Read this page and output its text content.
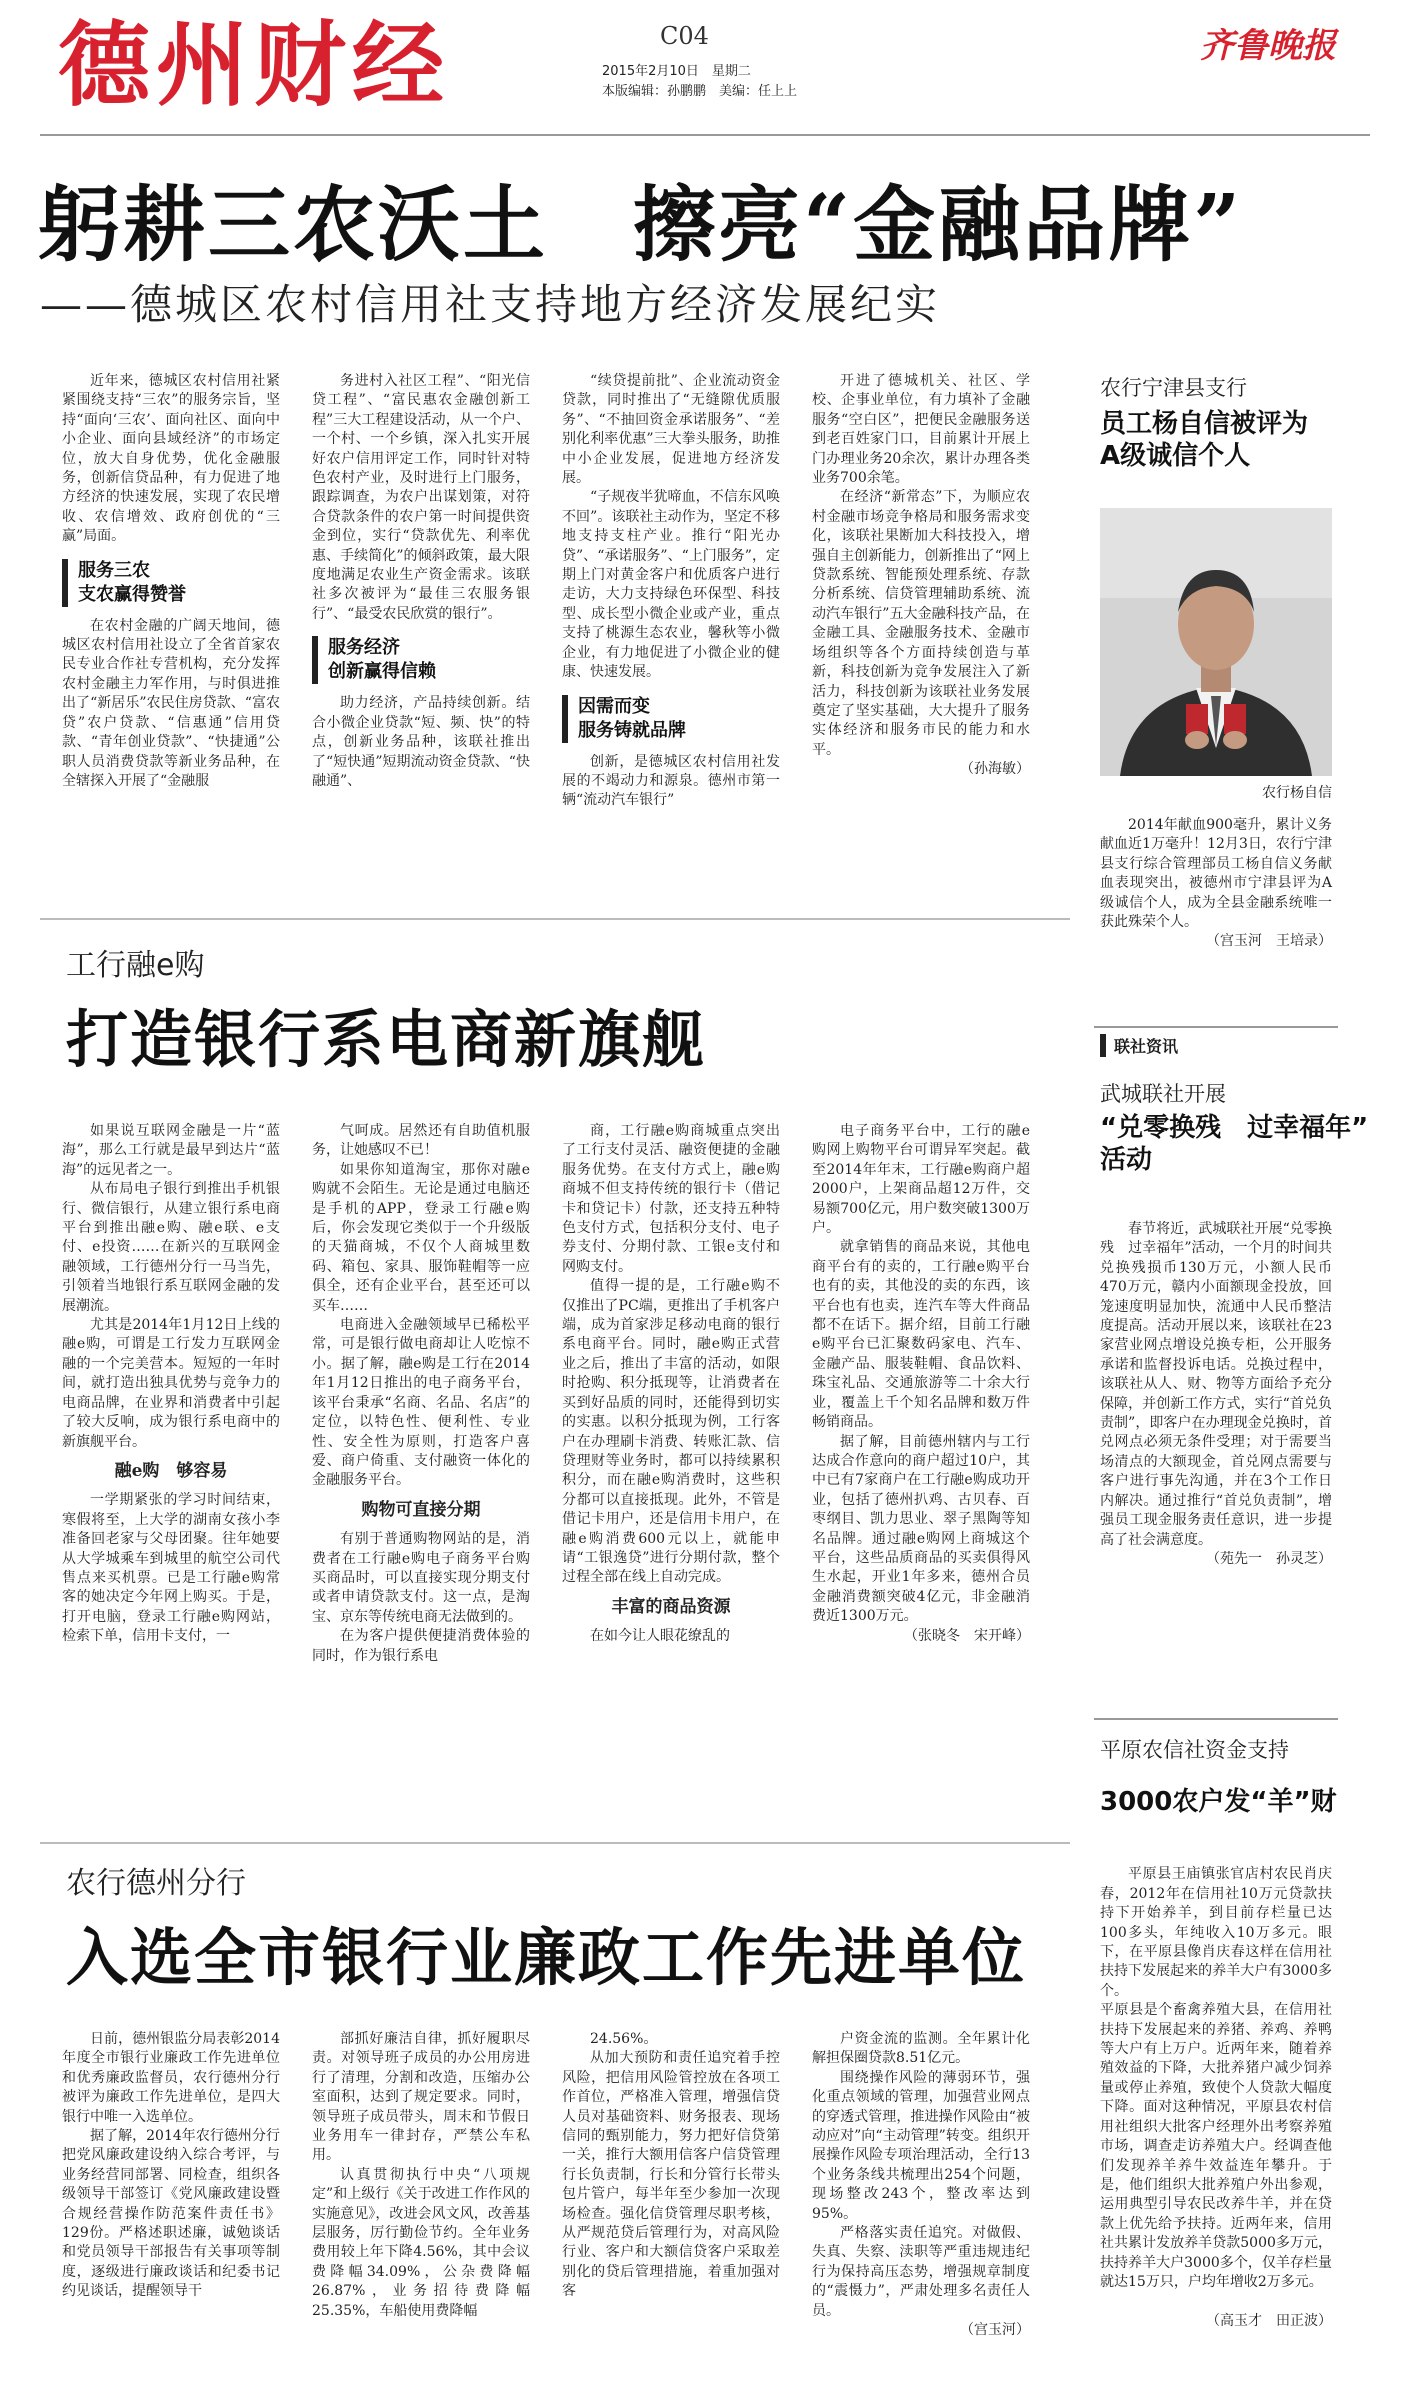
德州财经	C04
2015年2月10日　星期二
本版编辑：孙鹏鹏　美编：任上上
齐鲁晚报
躬耕三农沃土　擦亮“金融品牌”
——德城区农村信用社支持地方经济发展纪实

近年来，德城区农村信用社紧紧围绕支持“三农”的服务宗旨，坚持“面向‘三农’、面向社区、面向中小企业、面向县域经济”的市场定位，放大自身优势，优化金融服务，创新信贷品种，有力促进了地方经济的快速发展，实现了农民增收、农信增效、政府创优的“三赢”局面。

服务三农
支农赢得赞誉

在农村金融的广阔天地间，德城区农村信用社设立了全省首家农民专业合作社专营机构，充分发挥农村金融主力军作用，与时俱进推出了“新居乐”农民住房贷款、“富农贷”农户贷款、“信惠通”信用贷款、“青年创业贷款”、“快捷通”公职人员消费贷款等新业务品种，在全辖探入开展了“金融服

务进村入社区工程”、“阳光信贷工程”、“富民惠农金融创新工程”三大工程建设活动，从一个户、一个村、一个乡镇，深入扎实开展好农户信用评定工作，同时针对特色农村产业，及时进行上门服务，跟踪调查，为农户出谋划策，对符合贷款条件的农户第一时间提供资金到位，实行“贷款优先、利率优惠、手续简化”的倾斜政策，最大限度地满足农业生产资金需求。该联社多次被评为“最佳三农服务银行”、“最受农民欣赏的银行”。

服务经济
创新赢得信赖

助力经济，产品持续创新。结合小微企业贷款“短、频、快”的特点，创新业务品种，该联社推出了“短快通”短期流动资金贷款、“快融通”、

“续贷提前批”、企业流动资金贷款，同时推出了“无缝隙优质服务”、“不抽回资金承诺服务”、“差别化利率优惠”三大拳头服务，助推中小企业发展，促进地方经济发展。

“子规夜半犹啼血，不信东风唤不回”。该联社主动作为，坚定不移地支持支柱产业。推行“阳光办贷”、“承诺服务”、“上门服务”，定期上门对黄金客户和优质客户进行走访，大力支持绿色环保型、科技型、成长型小微企业或产业，重点支持了桃源生态农业，馨秋等小微企业，有力地促进了小微企业的健康、快速发展。

因需而变
服务铸就品牌

创新，是德城区农村信用社发展的不竭动力和源泉。德州市第一辆“流动汽车银行”

开进了德城机关、社区、学校、企事业单位，有力填补了金融服务“空白区”，把便民金融服务送到老百姓家门口，目前累计开展上门办理业务20余次，累计办理各类业务700余笔。

在经济“新常态”下，为顺应农村金融市场竞争格局和服务需求变化，该联社果断加大科技投入，增强自主创新能力，创新推出了“网上贷款系统、智能预处理系统、存款分析系统、信贷管理辅助系统、流动汽车银行”五大金融科技产品，在金融工具、金融服务技术、金融市场组织等各个方面持续创造与革新，科技创新为竞争发展注入了新活力，科技创新为该联社业务发展奠定了坚实基础，大大提升了服务实体经济和服务市民的能力和水平。

（孙海敏）
农行宁津县支行
员工杨自信被评为
A级诚信个人
农行杨自信

2014年献血900毫升，累计义务献血近1万毫升！12月3日，农行宁津县支行综合管理部员工杨自信义务献血表现突出，被德州市宁津县评为A级诚信个人，成为全县金融系统唯一获此殊荣个人。

（宫玉河　王培录）
联社资讯
武城联社开展
“兑零换残　过幸福年”
活动

春节将近，武城联社开展“兑零换残　过幸福年”活动，一个月的时间共兑换残损币130万元，小额人民币470万元，赣内小面额现金投放，回笼速度明显加快，流通中人民币整洁度提高。活动开展以来，该联社在23家营业网点增设兑换专柜，公开服务承诺和监督投诉电话。兑换过程中，该联社从人、财、物等方面给予充分保障，并创新工作方式，实行“首兑负责制”，即客户在办理现金兑换时，首兑网点必须无条件受理；对于需要当场清点的大额现金，首兑网点需要与客户进行事先沟通，并在3个工作日内解决。通过推行“首兑负责制”，增强员工现金服务责任意识，进一步提高了社会满意度。

（苑先一　孙灵芝）
平原农信社资金支持
3000农户发“羊”财

平原县王庙镇张官店村农民肖庆春，2012年在信用社10万元贷款扶持下开始养羊，到目前存栏量已达100多头，年纯收入10万多元。眼下，在平原县像肖庆春这样在信用社扶持下发展起来的养羊大户有3000多个。
平原县是个畜禽养殖大县，在信用社扶持下发展起来的养猪、养鸡、养鸭等大户有上万户。近两年来，随着养殖效益的下降，大批养猪户减少饲养量或停止养殖，致使个人贷款大幅度下降。面对这种情况，平原县农村信用社组织大批客户经理外出考察养殖市场，调查走访养殖大户。经调查他们发现养羊养牛效益连年攀升。于是，他们组织大批养殖户外出参观，运用典型引导农民改养牛羊，并在贷款上优先给予扶持。近两年来，信用社共累计发放养羊贷款5000多万元，扶持养羊大户3000多个，仅羊存栏量就达15万只，户均年增收2万多元。

（高玉才　田正波）

工行融e购
打造银行系电商新旗舰

如果说互联网金融是一片“蓝海”，那么工行就是最早到达片“蓝海”的远见者之一。

从布局电子银行到推出手机银行、微信银行，从建立银行系电商平台到推出融e购、融e联、e支付、e投资……在新兴的互联网金融领域，工行德州分行一马当先，引领着当地银行系互联网金融的发展潮流。

尤其是2014年1月12日上线的融e购，可谓是工行发力互联网金融的一个完美营本。短短的一年时间，就打造出独具优势与竞争力的电商品牌，在业界和消费者中引起了较大反响，成为银行系电商中的新旗舰平台。

融e购　够容易

一学期紧张的学习时间结束，寒假将至，上大学的湖南女孩小李准备回老家与父母团聚。往年她要从大学城乘车到城里的航空公司代售点来买机票。已是工行融e购常客的她决定今年网上购买。于是，打开电脑，登录工行融e购网站，检索下单，信用卡支付，一

气呵成。居然还有自助值机服务，让她感叹不已！

如果你知道淘宝，那你对融e购就不会陌生。无论是通过电脑还是手机的APP，登录工行融e购后，你会发现它类似于一个升级版的天猫商城，不仅个人商城里数码、箱包、家具、服饰鞋帽等一应俱全，还有企业平台，甚至还可以买车……

电商进入金融领域早已稀松平常，可是银行做电商却让人吃惊不小。据了解，融e购是工行在2014年1月12日推出的电子商务平台，该平台秉承“名商、名品、名店”的定位，以特色性、便利性、专业性、安全性为原则，打造客户喜爱、商户倚重、支付融资一体化的金融服务平台。

购物可直接分期

有别于普通购物网站的是，消费者在工行融e购电子商务平台购买商品时，可以直接实现分期支付或者申请贷款支付。这一点，是淘宝、京东等传统电商无法做到的。

在为客户提供便捷消费体验的同时，作为银行系电

商，工行融e购商城重点突出了工行支付灵活、融资便捷的金融服务优势。在支付方式上，融e购商城不但支持传统的银行卡（借记卡和贷记卡）付款，还支持五种特色支付方式，包括积分支付、电子券支付、分期付款、工银e支付和网购支付。

值得一提的是，工行融e购不仅推出了PC端，更推出了手机客户端，成为首家涉足移动电商的银行系电商平台。同时，融e购正式营业之后，推出了丰富的活动，如限时抢购、积分抵现等，让消费者在买到好品质的同时，还能得到切实的实惠。以积分抵现为例，工行客户在办理刷卡消费、转账汇款、信贷理财等业务时，都可以持续累积积分，而在融e购消费时，这些积分都可以直接抵现。此外，不管是借记卡用户，还是信用卡用户，在融e购消费600元以上，就能申请“工银逸贷”进行分期付款，整个过程全部在线上自动完成。

丰富的商品资源

在如今让人眼花缭乱的

电子商务平台中，工行的融e购网上购物平台可谓异军突起。截至2014年年末，工行融e购商户超2000户，上架商品超12万件，交易额700亿元，用户数突破1300万户。

就拿销售的商品来说，其他电商平台有的卖的，工行融e购平台也有的卖，其他没的卖的东西，该平台也有也卖，连汽车等大件商品都不在话下。据介绍，目前工行融e购平台已汇聚数码家电、汽车、金融产品、服装鞋帽、食品饮料、珠宝礼品、交通旅游等二十余大行业，覆盖上千个知名品牌和数万件畅销商品。

据了解，目前德州辖内与工行达成合作意向的商户超过10户，其中已有7家商户在工行融e购成功开业，包括了德州扒鸡、古贝春、百枣纲目、凯力思业、翠子黑陶等知名品牌。通过融e购网上商城这个平台，这些品质商品的买卖俱得风生水起，开业1年多来，德州合员金融消费额突破4亿元，非金融消费近1300万元。

（张晓冬　宋开峰）
农行德州分行
入选全市银行业廉政工作先进单位

日前，德州银监分局表彰2014年度全市银行业廉政工作先进单位和优秀廉政监督员，农行德州分行被评为廉政工作先进单位，是四大银行中唯一入选单位。

据了解，2014年农行德州分行把党风廉政建设纳入综合考评，与业务经营同部署、同检查，组织各级领导干部签订《党风廉政建设暨合规经营操作防范案件责任书》129份。严格述职述廉，诚勉谈话和党员领导干部报告有关事项等制度，逐级进行廉政谈话和纪委书记约见谈话，提醒领导干

部抓好廉洁自律，抓好履职尽责。对领导班子成员的办公用房进行了清理，分割和改造，压缩办公室面积，达到了规定要求。同时，领导班子成员带头，周末和节假日业务用车一律封存，严禁公车私用。

认真贯彻执行中央“八项规定”和上级行《关于改进工作作风的实施意见》，改进会风文风，改善基层服务，厉行勤俭节约。全年业务费用较上年下降4.56%，其中会议费降幅34.09%，公杂费降幅26.87%，业务招待费降幅25.35%，车船使用费降幅

24.56%。

从加大预防和责任追究着手控风险，把信用风险管控放在各项工作首位，严格准入管理，增强信贷人员对基础资料、财务报表、现场信同的甄别能力，努力把好信贷第一关，推行大额用信客户信贷管理行长负责制，行长和分管行长带头包片管户，每半年至少参加一次现场检查。强化信贷管理尽职考核，从严规范贷后管理行为，对高风险行业、客户和大额信贷客户采取差别化的贷后管理措施，着重加强对客

户资金流的监测。全年累计化解担保圈贷款8.51亿元。

围绕操作风险的薄弱环节，强化重点领域的管理，加强营业网点的穿透式管理，推进操作风险由“被动应对”向“主动管理”转变。组织开展操作风险专项治理活动，全行13个业务条线共梳理出254个问题，现场整改243个，整改率达到95%。

严格落实责任追究。对做假、失真、失察、渎职等严重违规违纪行为保持高压态势，增强规章制度的“震慑力”，严肃处理多名责任人员。

（宫玉河）
